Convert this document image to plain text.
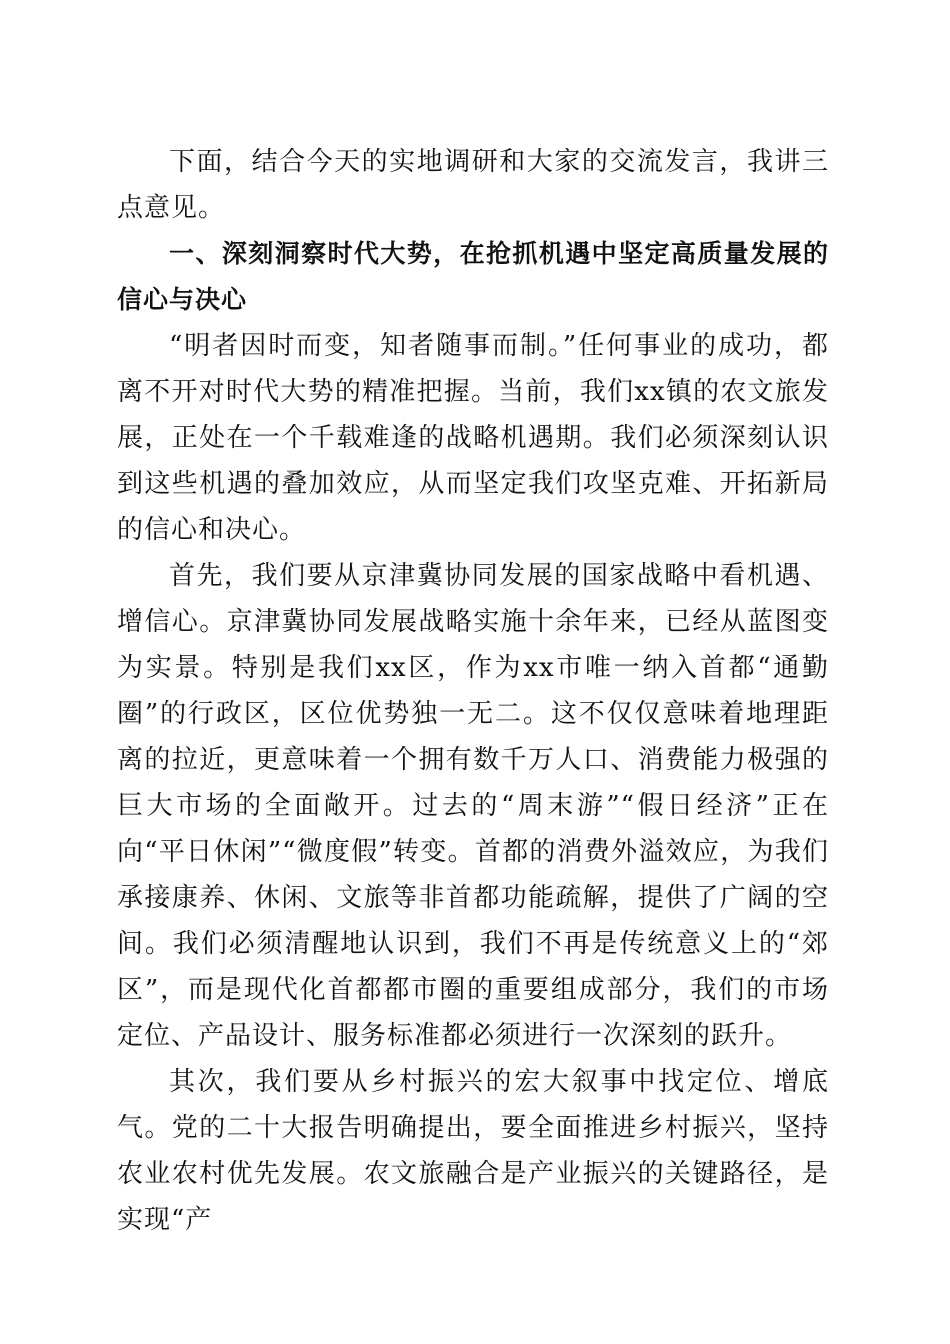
下面，结合今天的实地调研和大家的交流发言，我讲三点意见。

一、深刻洞察时代大势，在抢抓机遇中坚定高质量发展的信心与决心

“明者因时而变，知者随事而制。”任何事业的成功，都离不开对时代大势的精准把握。当前，我们xx镇的农文旅发展，正处在一个千载难逢的战略机遇期。我们必须深刻认识到这些机遇的叠加效应，从而坚定我们攻坚克难、开拓新局的信心和决心。

首先，我们要从京津冀协同发展的国家战略中看机遇、增信心。京津冀协同发展战略实施十余年来，已经从蓝图变为实景。特别是我们xx区，作为xx市唯一纳入首都“通勤圈”的行政区，区位优势独一无二。这不仅仅意味着地理距离的拉近，更意味着一个拥有数千万人口、消费能力极强的巨大市场的全面敞开。过去的“周末游”“假日经济”正在向“平日休闲”“微度假”转变。首都的消费外溢效应，为我们承接康养、休闲、文旅等非首都功能疏解，提供了广阔的空间。我们必须清醒地认识到，我们不再是传统意义上的“郊区”，而是现代化首都都市圈的重要组成部分，我们的市场定位、产品设计、服务标准都必须进行一次深刻的跃升。

其次，我们要从乡村振兴的宏大叙事中找定位、增底气。党的二十大报告明确提出，要全面推进乡村振兴，坚持农业农村优先发展。农文旅融合是产业振兴的关键路径，是实现“产
